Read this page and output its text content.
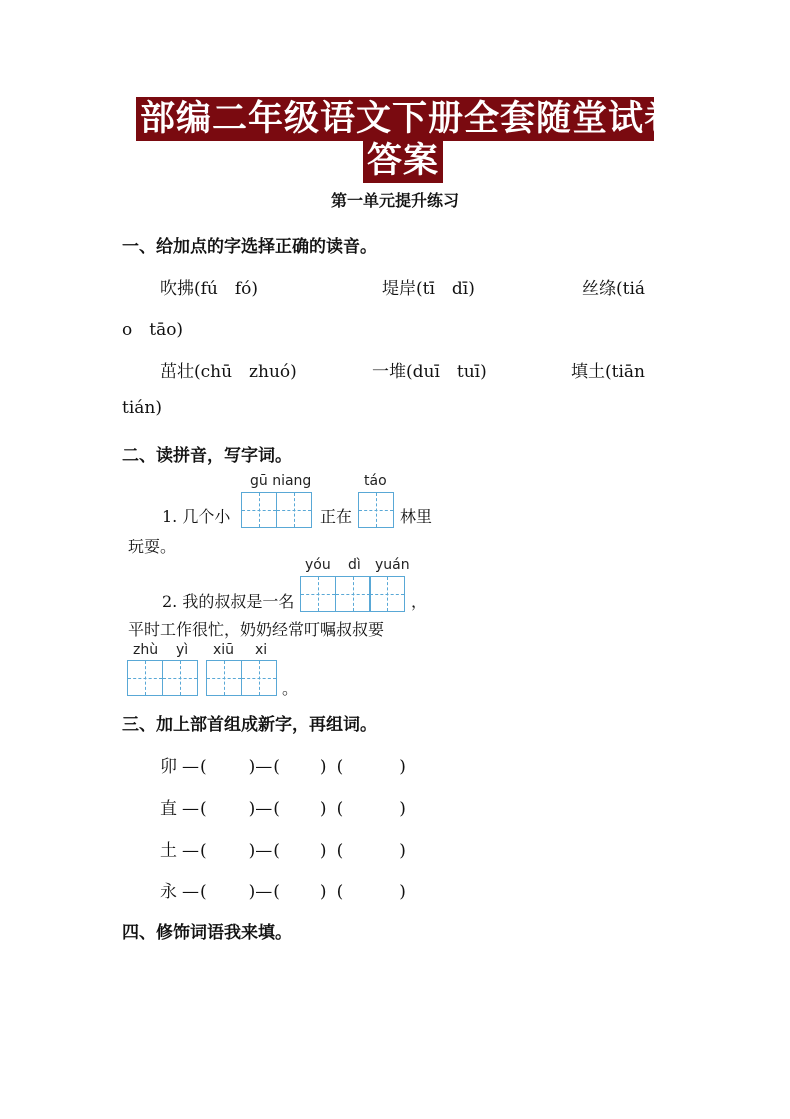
部编二年级语文下册全套随堂试卷及
答案
第一单元提升练习
一、给加点的字选择正确的读音。
吹拂(fú　fó)	堤岸(tī　dī)	丝绦(tiá
o　tāo)
茁壮(chū　zhuó)	一堆(duī　tuī)	填土(tiān
tián)
二、读拼音，写字词。
gū niang	táo
1. 几个小	正在	林里
玩耍。
yóu dì yuán
2. 我的叔叔是一名	，
平时工作很忙，奶奶经常叮嘱叔叔要
zhù yì xiū xi
。
三、加上部首组成新字，再组词。
卯 —( )—( ) (	)
直 —( )—( ) (	)
土 —( )—( ) (	)
永 —( )—( ) (	)
四、修饰词语我来填。
